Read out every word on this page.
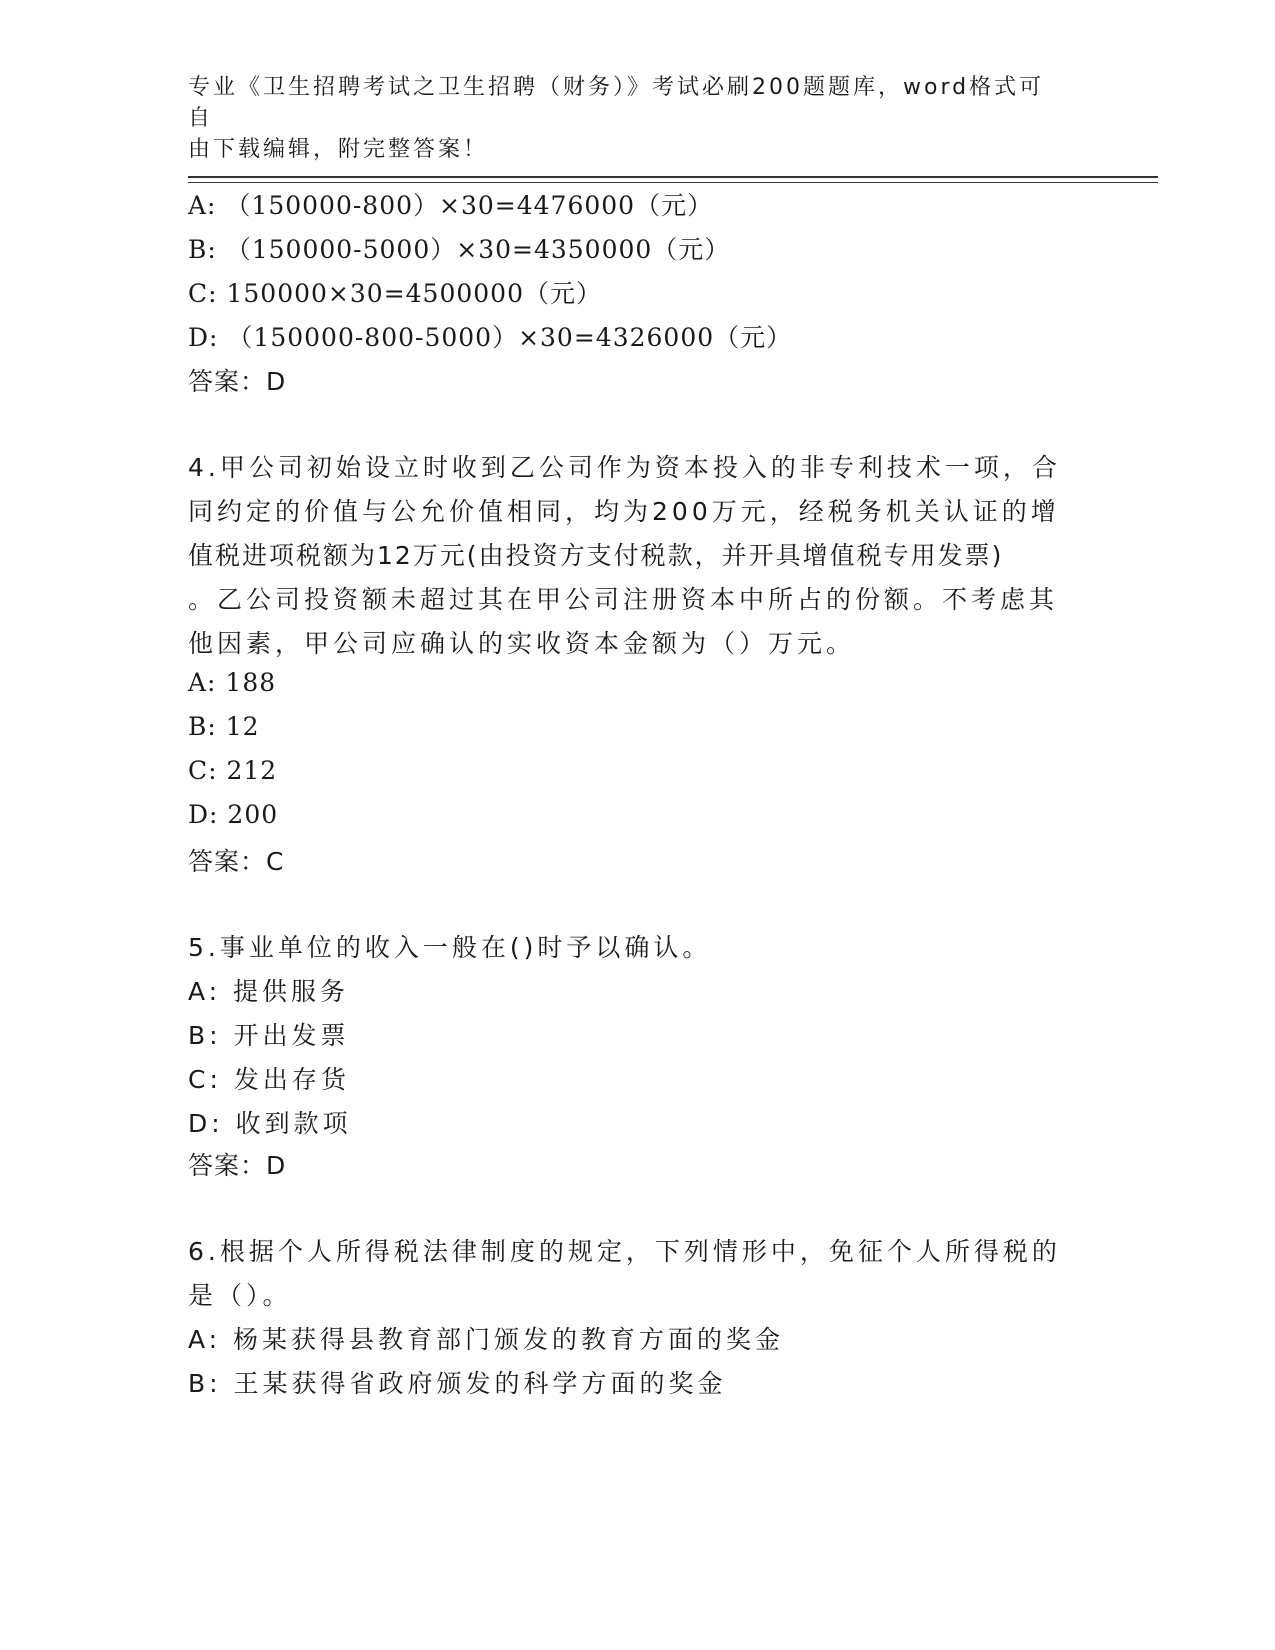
专业《卫生招聘考试之卫生招聘（财务）》考试必刷200题题库，word格式可自
由下载编辑，附完整答案！
A: （150000-800）×30=4476000（元）
B: （150000-5000）×30=4350000（元）
C: 150000×30=4500000（元）
D: （150000-800-5000）×30=4326000（元）
答案：D
4.甲公司初始设立时收到乙公司作为资本投入的非专利技术一项，合
同约定的价值与公允价值相同，均为200万元，经税务机关认证的增
值税进项税额为12万元(由投资方支付税款，并开具增值税专用发票)
。乙公司投资额未超过其在甲公司注册资本中所占的份额。不考虑其
他因素，甲公司应确认的实收资本金额为（）万元。
A: 188
B: 12
C: 212
D: 200
答案：C
5.事业单位的收入一般在()时予以确认。
A: 提供服务
B: 开出发票
C: 发出存货
D: 收到款项
答案：D
6.根据个人所得税法律制度的规定，下列情形中，免征个人所得税的
是（）。
A: 杨某获得县教育部门颁发的教育方面的奖金
B: 王某获得省政府颁发的科学方面的奖金
